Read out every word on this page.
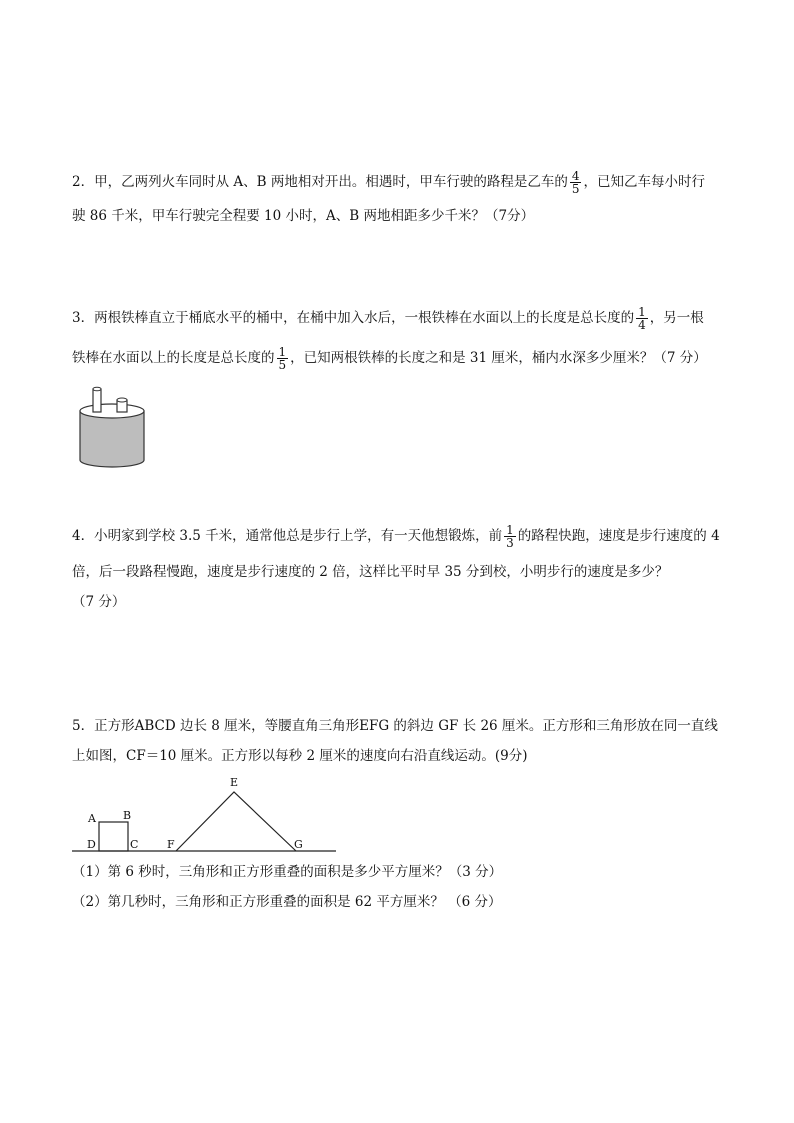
2．甲，乙两列火车同时从 A、B 两地相对开出。相遇时，甲车行驶的路程是乙车的 $\frac{4}{5}$ ，已知乙车每小时行
驶 86 千米，甲车行驶完全程要 10 小时，A、B 两地相距多少千米？（7分）
3．两根铁棒直立于桶底水平的桶中，在桶中加入水后，一根铁棒在水面以上的长度是总长度的 $\frac{1}{4}$ ，另一根
铁棒在水面以上的长度是总长度的 $\frac{1}{5}$ ，已知两根铁棒的长度之和是 31 厘米，桶内水深多少厘米？（7 分）
4．小明家到学校 3.5 千米，通常他总是步行上学，有一天他想锻炼，前 $\frac{1}{3}$ 的路程快跑，速度是步行速度的 4
倍，后一段路程慢跑，速度是步行速度的 2 倍，这样比平时早 35 分到校，小明步行的速度是多少？
（7 分）
5．正方形ABCD 边长 8 厘米，等腰直角三角形EFG 的斜边 GF 长 26 厘米。正方形和三角形放在同一直线
上如图，CF＝10 厘米。正方形以每秒 2 厘米的速度向右沿直线运动。(9分)
A B
D	C	F
E
G
（1）第 6 秒时，三角形和正方形重叠的面积是多少平方厘米？（3 分）
（2）第几秒时，三角形和正方形重叠的面积是 62 平方厘米？ （6 分）
